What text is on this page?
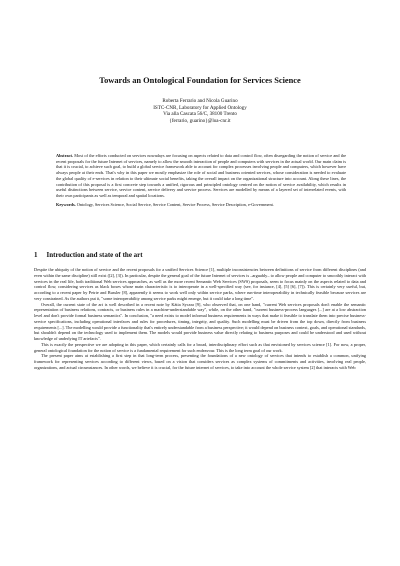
Towards an Ontological Foundation for Services Science
Roberta Ferrario and Nicola Guarino
ISTC-CNR, Laboratory for Applied Ontology
Via alla Cascata 56/C, 38100 Trento
{ferrario, guarino}@loa-cnr.it

Abstract. Most of the efforts conducted on services nowadays are focusing on aspects related to data and control flow, often disregarding the notion of service and the recent proposals for the future Internet of services, namely to allow the smooth interaction of people and computers with services in the actual world. Our main claim is that it is crucial, to achieve such goal, to build a global service framework able to account for complex processes involving people and computers, which however have always people at their ends. That's why in this paper we mostly emphasize the role of social and business oriented services, whose consideration is needed to evaluate the global quality of e-services in relation to their ultimate social benefits, taking the overall impact on the organizational structure into account. Along these lines, the contribution of this proposal is a first concrete step towards a unified, rigorous and principled ontology centred on the notion of service availability, which results in useful distinctions between service, service content, service delivery and service process. Services are modelled by means of a layered set of interrelated events, with their own participants as well as temporal and spatial locations.

Keywords. Ontology, Services Science, Social Service, Service Content, Service Process, Service Description, e-Government.

1 Introduction and state of the art

Despite the ubiquity of the notion of service and the recent proposals for a unified Services Science [1], multiple inconsistencies between definitions of service from different disciplines (and even within the same discipline) still exist ([2], [3]). In particular, despite the general goal of the future Internet of services is –arguably– to allow people and computer to smoothly interact with services in the real life, both traditional Web services approaches, as well as the more recent Semantic Web Services (SWS) proposals, seem to focus mainly on the aspects related to data and control flow, considering services as black boxes whose main characteristic is to interoperate in a well-specified way (see, for instance, [4], [5] [6], [7]). This is certainly very useful, but, according to a recent paper by Petrie and Bussler [8], apparently it seems to work well only within service parks, where run-time interoperability in technically feasible because services are very constrained. As the authors put it, "some interoperability among service parks might emerge, but it could take a long time".

Overall, the current state of the art is well described in a recent note by Kätia Sycara [9], who observed that, on one hand, "current Web services proposals don't enable the semantic representation of business relations, contracts, or business rules in a machine-understandable way", while, on the other hand, "current business-process languages [...] are at a low abstraction level and don't provide formal business semantics". In conclusion, "a need exists to model informal business requirements in ways that make it feasible to translate them into precise business-service specifications, including operational interfaces and rules for procedures, timing, integrity, and quality. Such modelling must be driven from the top down, directly from business requirements [...]. The modelling would provide a functionality that's entirely understandable from a business perspective; it would depend on business context, goals, and operational standards, but shouldn't depend on the technology used to implement them. The models would provide business value directly relating to business purposes and could be understood and used without knowledge of underlying IT artefacts".

This is exactly the perspective we are adopting in this paper, which certainly calls for a broad, interdisciplinary effort such as that envisioned by services science [1]. For now, a proper, general ontological foundation for the notion of service is a fundamental requirement for such endeavour. This is the long term goal of our work.

The present paper aims at establishing a first step in that long-term process, presenting the foundations of a new ontology of services that intends to establish a common, unifying framework for representing services according to different views, based on a vision that considers services as complex systems of commitments and activities, involving real people, organizations, and actual circumstances. In other words, we believe it is crucial, for the future internet of services, to take into account the whole service system [2] that interacts with Web
